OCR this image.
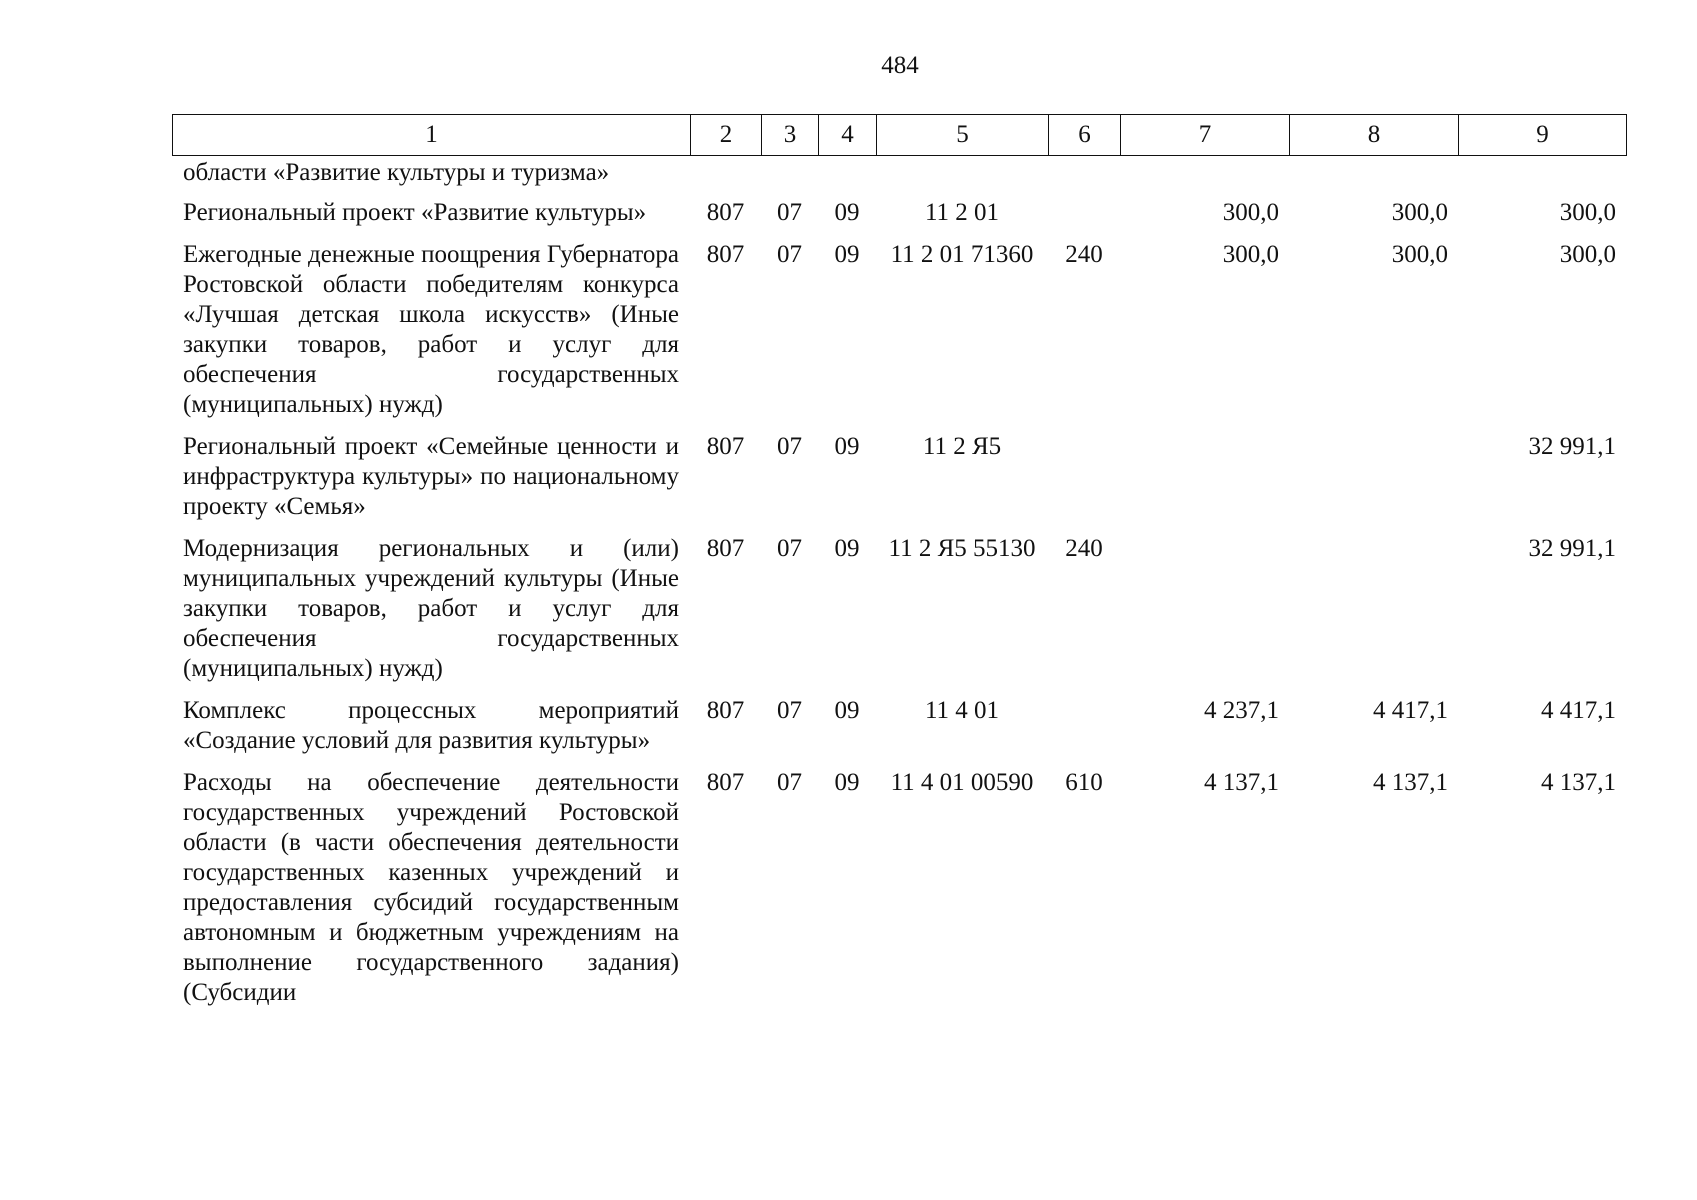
484
1	2	3	4	5	6	7	8	9
области «Развитие культуры и туризма»								
Региональный проект «Развитие культуры»	807	07	09	11 2 01		300,0	300,0	300,0
Ежегодные денежные поощрения Губернатора Ростовской области победителям конкурса «Лучшая детская школа искусств» (Иные закупки товаров, работ и услуг для обеспечения государственных (муниципальных) нужд)	807	07	09	11 2 01 71360	240	300,0	300,0	300,0
Региональный проект «Семейные ценности и инфраструктура культуры» по национальному проекту «Семья»	807	07	09	11 2 Я5				32 991,1
Модернизация региональных и (или) муниципальных учреждений культуры (Иные закупки товаров, работ и услуг для обеспечения государственных (муниципальных) нужд)	807	07	09	11 2 Я5 55130	240			32 991,1
Комплекс процессных мероприятий «Создание условий для развития культуры»	807	07	09	11 4 01		4 237,1	4 417,1	4 417,1
Расходы на обеспечение деятельности государственных учреждений Ростовской области (в части обеспечения деятельности государственных казенных учреждений и предоставления субсидий государственным автономным и бюджетным учреждениям на выполнение государственного задания) (Субсидии	807	07	09	11 4 01 00590	610	4 137,1	4 137,1	4 137,1
